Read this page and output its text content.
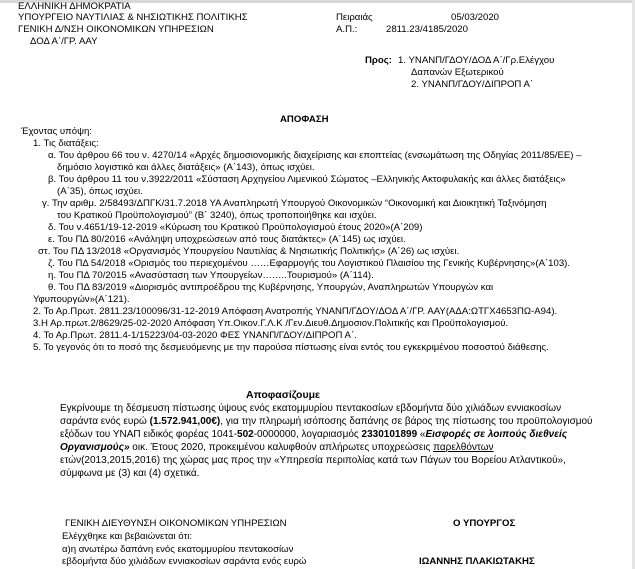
ΕΛΛΗΝΙΚΗ ΔΗΜΟΚΡΑΤΙΑ
ΥΠΟΥΡΓΕΙΟ ΝΑΥΤΙΛΙΑΣ & ΝΗΣΙΩΤΙΚΗΣ ΠΟΛΙΤΙΚΗΣ
ΓΕΝΙΚΗ Δ/ΝΣΗ ΟΙΚΟΝΟΜΙΚΩΝ ΥΠΗΡΕΣΙΩΝ
ΔΟΔ Α΄/ΓΡ. ΑΑΥ
Πειραιάς	05/03/2020
Α.Π.:	2811.23/4185/2020
Προς: 1. ΥΝΑΝΠ/ΓΔΟΥ/ΔΟΔ Α΄/Γρ.Ελέγχου
Δαπανών Εξωτερικού
2. ΥΝΑΝΠ/ΓΔΟΥ/ΔΙΠΡΟΠ Α΄
ΑΠΟΦΑΣΗ
Έχοντας υπόψη:
1. Τις διατάξεις:
α. Του άρθρου 66 του ν. 4270/14 «Αρχές δημοσιονομικής διαχείρισης και εποπτείας (ενσωμάτωση της Οδηγίας 2011/85/ΕΕ) –
δημόσιο λογιστικό και άλλες διατάξεις» (Α΄143), όπως ισχύει.
β. Του άρθρου 11 του ν.3922/2011 «Σύσταση Αρχηγείου Λιμενικού Σώματος –Ελληνικής Ακτοφυλακής και άλλες διατάξεις»
(Α΄35), όπως ισχύει.
γ. Την αριθμ. 2/58493/ΔΠΓΚ/31.7.2018 ΥΑ Αναπληρωτή Υπουργού Οικονομικών “Οικονομική και Διοικητική Ταξινόμηση
του Κρατικού Προϋπολογισμού” (Β΄ 3240), όπως τροποποιήθηκε και ισχύει.
δ. Του ν.4651/19-12-2019 «Κύρωση του Κρατικού Προϋπολογισμού έτους 2020»(Α΄209)
ε. Του ΠΔ 80/2016 «Ανάληψη υποχρεώσεων από τους διατάκτες» (Α΄145) ως ισχύει.
στ. Του ΠΔ 13/2018 «Οργανισμός Υπουργείου Ναυτιλίας & Νησιωτικής Πολιτικής» (Α΄26) ως ισχύει.
ζ. Του ΠΔ 54/2018 «Ορισμός του περιεχομένου ……Εφαρμογής του Λογιστικού Πλαισίου της Γενικής Κυβέρνησης»(Α΄103).
η. Του ΠΔ 70/2015 «Ανασύσταση των Υπουργείων……..Τουρισμού» (Α΄114).
θ. Του ΠΔ 83/2019 «Διορισμός αντιπροέδρου της Κυβέρνησης, Υπουργών, Αναπληρωτών Υπουργών και
Υφυπουργών»(Α΄121).
2. Το Αρ.Πρωτ. 2811.23/100096/31-12-2019 Απόφαση Ανατροπής ΥΝΑΝΠ/ΓΔΟΥ/ΔΟΔ Α΄/ΓΡ. ΑΑΥ(ΑΔΑ:ΩΤΓΧ4653ΠΩ-Α94).
3.Η Αρ.πρωτ.2/8629/25-02-2020 Απόφαση Υπ.Οικον.Γ.Λ.Κ /Γεν.Διευθ.Δημοσιον.Πολιτικής και Προϋπολογισμού.
4. Το Αρ.Πρωτ. 2811.4-1/15223/04-03-2020 ΦΕΣ ΥΝΑΝΠ/ΓΔΟΥ/ΔΙΠΡΟΠ Α΄.
5. Το γεγονός ότι το ποσό της δεσμευόμενης με την παρούσα πίστωσης είναι εντός του εγκεκριμένου ποσοστού διάθεσης.
Αποφασίζουμε
Εγκρίνουμε τη δέσμευση πίστωσης ύψους ενός εκατομμυρίου πεντακοσίων εβδομήντα δύο χιλιάδων εννιακοσίων
σαράντα ενός ευρώ (1.572.941,00€), για την πληρωμή ισόποσης δαπάνης σε βάρος της πίστωσης του προϋπολογισμού
εξόδων του ΥΝΑΠ ειδικός φορέας 1041-502-0000000, λογαριασμός 2330101899 «Εισφορές σε λοιπούς διεθνείς
Οργανισμούς» οικ. Έτους 2020, προκειμένου καλυφθούν απλήρωτες υποχρεώσεις παρελθόντων
ετών(2013,2015,2016) της χώρας μας προς την «Υπηρεσία περιπολίας κατά των Πάγων του Βορείου Ατλαντικού»,
σύμφωνα με (3) και (4) σχετικά.
ΓΕΝΙΚΗ ΔΙΕΥΘΥΝΣΗ ΟΙΚΟΝΟΜΙΚΩΝ ΥΠΗΡΕΣΙΩΝ
Ελέγχθηκε και βεβαιώνεται ότι:
α)η ανωτέρω δαπάνη ενός εκατομμυρίου πεντακοσίων
εβδομήντα δύο χιλιάδων εννιακοσίων σαράντα ενός ευρώ
Ο ΥΠΟΥΡΓΟΣ
ΙΩΑΝΝΗΣ ΠΛΑΚΙΩΤΑΚΗΣ
